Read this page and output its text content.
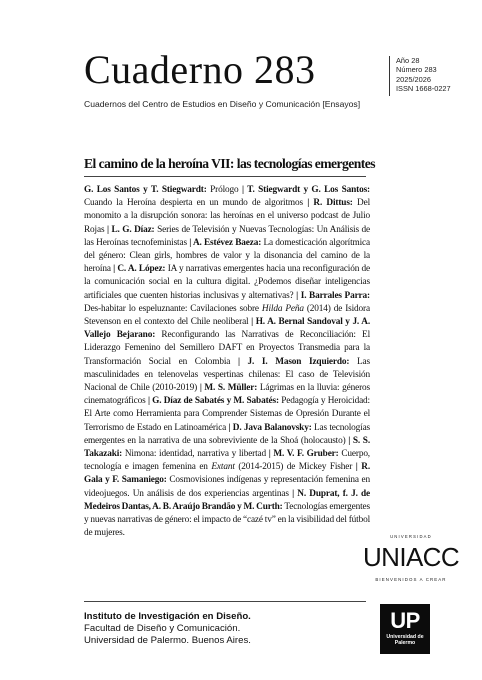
Cuaderno 283
Cuadernos del Centro de Estudios en Diseño y Comunicación [Ensayos]
Año 28
Número 283
2025/2026
ISSN 1668-0227
El camino de la heroína VII: las tecnologías emergentes
G. Los Santos y T. Stiegwardt: Prólogo | T. Stiegwardt y G. Los Santos: Cuando la Heroína despierta en un mundo de algoritmos | R. Dittus: Del monomito a la disrupción sonora: las heroínas en el universo podcast de Julio Rojas | L. G. Díaz: Series de Televisión y Nuevas Tecnologías: Un Análisis de las Heroínas tecnofeministas | A. Estévez Baeza: La domesticación algorítmica del género: Clean girls, hombres de valor y la disonancia del camino de la heroína | C. A. López: IA y narrativas emergentes hacia una reconfiguración de la comunicación social en la cultura digital. ¿Podemos diseñar inteligencias artificiales que cuenten historias inclusivas y alternativas? | I. Barrales Parra: Des-habitar lo espeluznante: Cavilaciones sobre Hilda Peña (2014) de Isidora Stevenson en el contexto del Chile neoliberal | H. A. Bernal Sandoval y J. A. Vallejo Bejarano: Reconfigurando las Narrativas de Reconciliación: El Liderazgo Femenino del Semillero DAFT en Proyectos Transmedia para la Transformación Social en Colombia | J. I. Mason Izquierdo: Las masculinidades en telenovelas vespertinas chilenas: El caso de Televisión Nacional de Chile (2010-2019) | M. S. Müller: Lágrimas en la lluvia: géneros cinematográficos | G. Díaz de Sabatés y M. Sabatés: Pedagogía y Heroicidad: El Arte como Herramienta para Comprender Sistemas de Opresión Durante el Terrorismo de Estado en Latinoamérica | D. Java Balanovsky: Las tecnologías emergentes en la narrativa de una sobreviviente de la Shoá (holocausto) | S. S. Takazaki: Nimona: identidad, narrativa y libertad | M. V. F. Gruber: Cuerpo, tecnología e imagen femenina en Extant (2014-2015) de Mickey Fisher | R. Gala y F. Samaniego: Cosmovisiones indígenas y representación femenina en videojuegos. Un análisis de dos experiencias argentinas | N. Duprat, f. J. de Medeiros Dantas, A. B. Araújo Brandão y M. Curth: Tecnologías emergentes y nuevas narrativas de género: el impacto de “cazé tv” en la visibilidad del fútbol de mujeres.	UNIVERSIDAD
UNIACC
BIENVENIDOS A CREAR
Instituto de Investigación en Diseño.
Facultad de Diseño y Comunicación.
Universidad de Palermo. Buenos Aires.
UP
Universidad de Palermo
